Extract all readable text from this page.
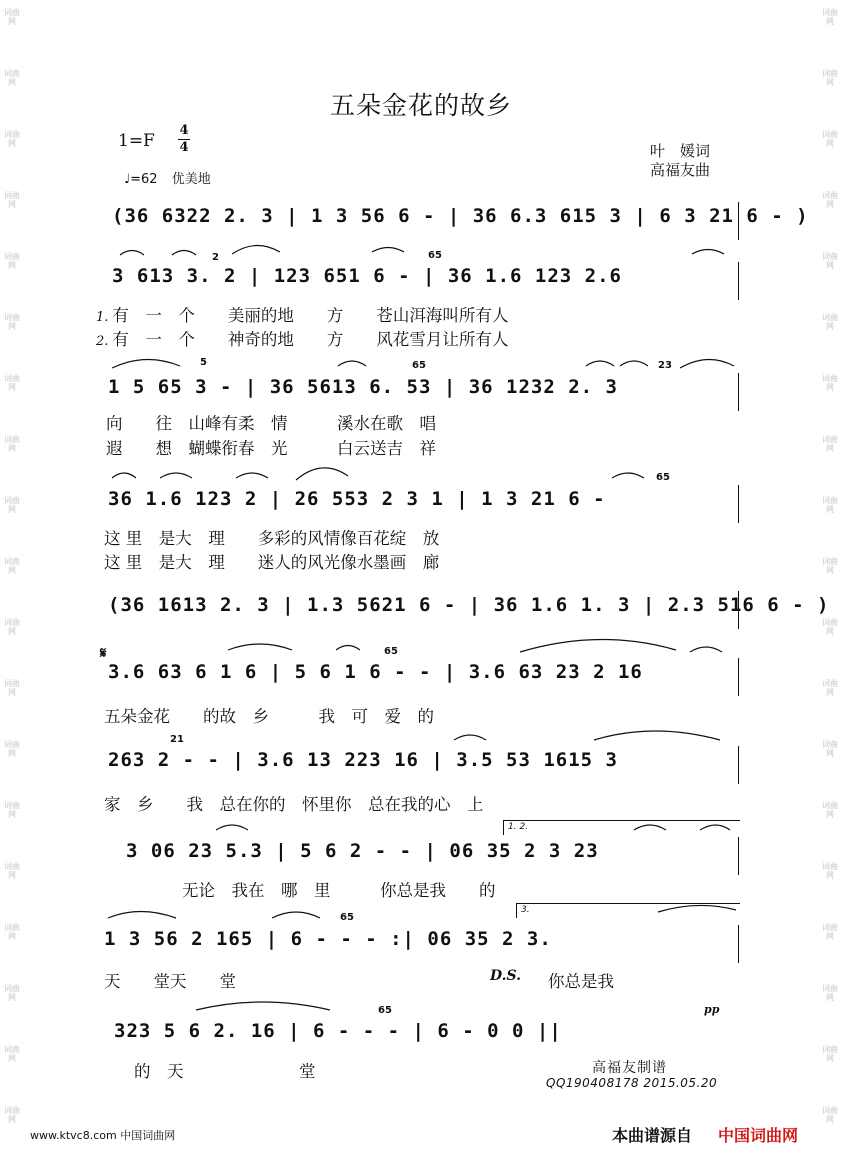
词曲网
词曲网
词曲网
词曲网
词曲网
词曲网
词曲网
词曲网
词曲网
词曲网
词曲网
词曲网
词曲网
词曲网
词曲网
词曲网
词曲网
词曲网
词曲网
词曲网
词曲网
词曲网
词曲网
词曲网
词曲网
词曲网
词曲网
词曲网
词曲网
词曲网
词曲网
词曲网
词曲网
词曲网
词曲网
词曲网
词曲网
词曲网
五朵金花的故乡
1=F
4
4
♩=62 优美地
叶　媛词
高福友曲
(36 6322 2. 3 | 1 3 56 6 - | 36 6.3 615 3 | 6 3 21 6 - )
3 613 3. 2 | 123 651 6 - | 36 1.6 123 2.6
1 5 65 3 - | 36 5613 6. 53 | 36 1232 2. 3
36 1.6 123 2 | 26 553 2 3 1 | 1 3 21 6 -
(36 1613 2. 3 | 1.3 5621 6 - | 36 1.6 1. 3 | 2.3 516 6 - )
3.6 63 6 1 6 | 5 6 1 6 - - | 3.6 63 23 2 16
263 2 - - | 3.6 13 223 16 | 3.5 53 1615 3
3 06 23 5.3 | 5 6 2 - - | 06 35 2 3 23
1 3 56 2 165 | 6 - - - :| 06 35 2 3.
323 5 6 2. 16 | 6 - - - | 6 - 0 0 ||
1. 有　一　个　　美丽的地　　方　　苍山洱海叫所有人
2. 有　一　个　　神奇的地　　方　　风花雪月让所有人
向　　往　山峰有柔　情　　　溪水在歌　唱
遐　　想　蝴蝶衔春　光　　　白云送吉　祥
这 里　是大　理　　多彩的风情像百花绽　放
这 里　是大　理　　迷人的风光像水墨画　廊
五朵金花　　的故　乡　　　我　可　爱　的
家　乡　　我　总在你的　怀里你　总在我的心　上
无论　我在　哪　里　　　你总是我　　的
天　　堂天　　堂	你总是我
的　天　　　　　　　堂
𝄋
D.S.
1. 2.
3.
pp
2	65
5	65	23
65
65
21
65
65
高福友制谱
QQ190408178 2015.05.20
www.ktvc8.com 中国词曲网	本曲谱源自 中国词曲网
